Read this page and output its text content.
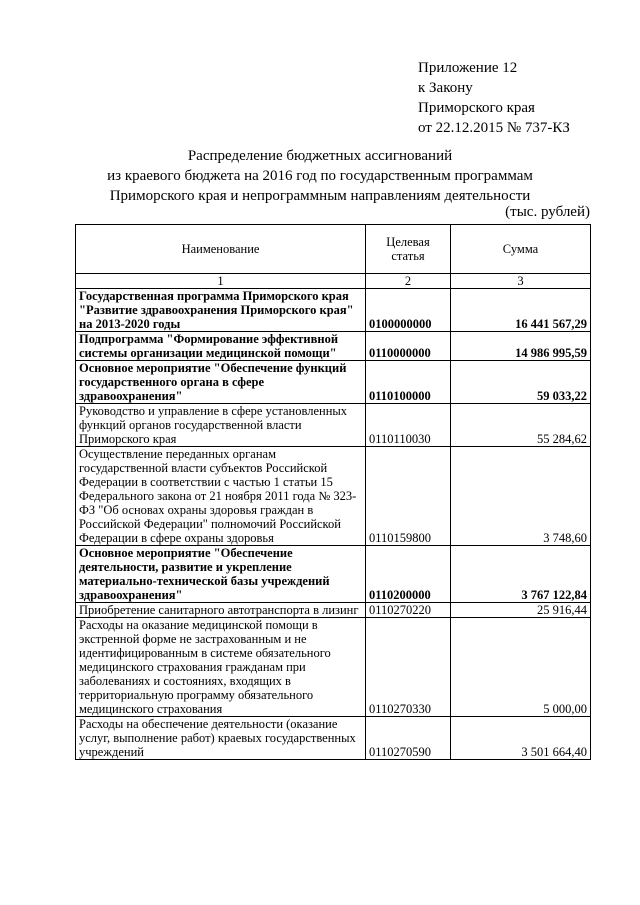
Приложение 12
к Закону
Приморского края
от 22.12.2015 № 737-КЗ
Распределение бюджетных ассигнований
из краевого бюджета на 2016 год по государственным программам
Приморского края и непрограммным направлениям деятельности
(тыс. рублей)
Наименование	Целевая статья	Сумма
1	2	3
Государственная программа Приморского края "Развитие здравоохранения Приморского края" на 2013-2020 годы	0100000000	16 441 567,29
Подпрограмма "Формирование эффективной системы организации медицинской помощи"	0110000000	14 986 995,59
Основное мероприятие "Обеспечение функций государственного органа в сфере здравоохранения"	0110100000	59 033,22
Руководство и управление в сфере установленных функций органов государственной власти Приморского края	0110110030	55 284,62
Осуществление переданных органам государственной власти субъектов Российской Федерации в соответствии с частью 1 статьи 15 Федерального закона от 21 ноября 2011 года № 323-ФЗ "Об основах охраны здоровья граждан в Российской Федерации" полномочий Российской Федерации в сфере охраны здоровья	0110159800	3 748,60
Основное мероприятие "Обеспечение деятельности, развитие и укрепление материально-технической базы учреждений здравоохранения"	0110200000	3 767 122,84
Приобретение санитарного автотранспорта в лизинг	0110270220	25 916,44
Расходы на оказание медицинской помощи в экстренной форме не застрахованным и не идентифицированным в системе обязательного медицинского страхования гражданам при заболеваниях и состояниях, входящих в территориальную программу обязательного медицинского страхования	0110270330	5 000,00
Расходы на обеспечение деятельности (оказание услуг, выполнение работ) краевых государственных учреждений	0110270590	3 501 664,40
